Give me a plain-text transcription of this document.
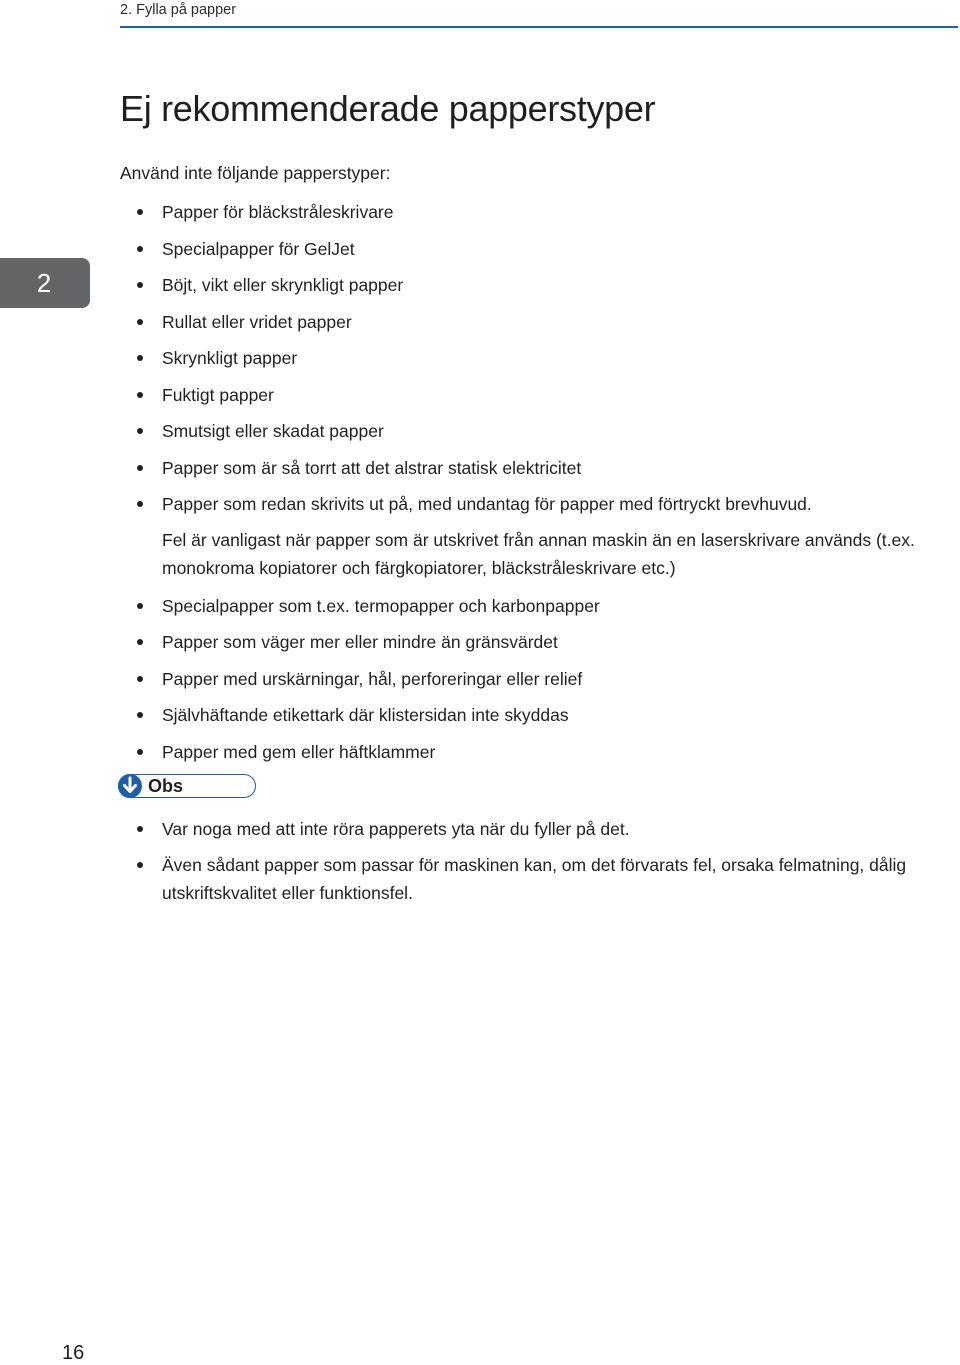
2. Fylla på papper
2
Ej rekommenderade papperstyper

Använd inte följande papperstyper:

Papper för bläckstråleskrivare
Specialpapper för GelJet
Böjt, vikt eller skrynkligt papper
Rullat eller vridet papper
Skrynkligt papper
Fuktigt papper
Smutsigt eller skadat papper
Papper som är så torrt att det alstrar statisk elektricitet
Papper som redan skrivits ut på, med undantag för papper med förtryckt brevhuvud.
Fel är vanligast när papper som är utskrivet från annan maskin än en laserskrivare används (t.ex. monokroma kopiatorer och färgkopiatorer, bläckstråleskrivare etc.)
Specialpapper som t.ex. termopapper och karbonpapper
Papper som väger mer eller mindre än gränsvärdet
Papper med urskärningar, hål, perforeringar eller relief
Självhäftande etikettark där klistersidan inte skyddas
Papper med gem eller häftklammer
Obs
Var noga med att inte röra papperets yta när du fyller på det.
Även sådant papper som passar för maskinen kan, om det förvarats fel, orsaka felmatning, dålig utskriftskvalitet eller funktionsfel.
16
